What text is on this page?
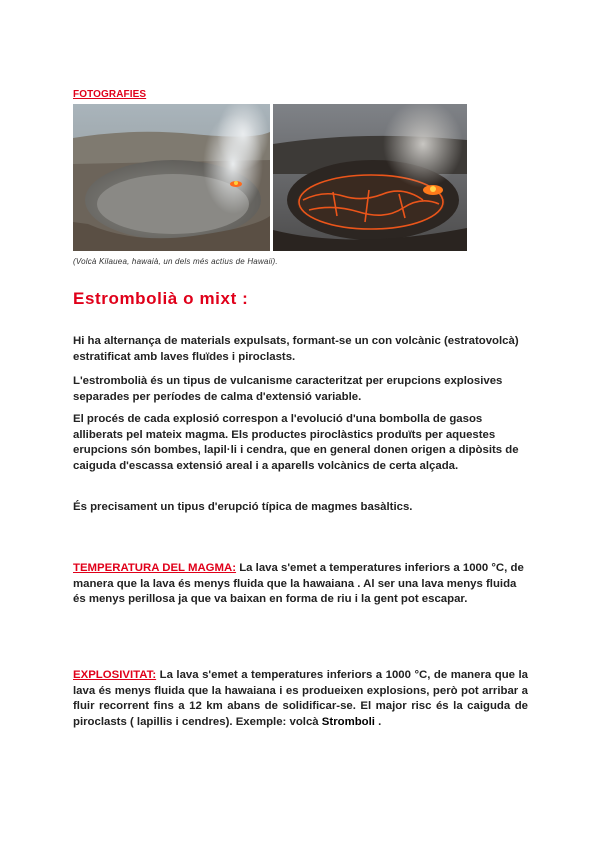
FOTOGRAFIES
(Volcà Kilauea, hawaià, un dels més actius de Hawaii).
Estrombolià o mixt :
Hi ha alternança de materials expulsats, formant-se un con volcànic (estratovolcà) estratificat amb laves fluïdes i piroclasts.
L'estrombolià és un tipus de vulcanisme caracteritzat per erupcions explosives separades per períodes de calma d'extensió variable.
El procés de cada explosió correspon a l'evolució d'una bombolla de gasos alliberats pel mateix magma. Els productes piroclàstics produïts per aquestes erupcions són bombes, lapil·li i cendra, que en general donen origen a dipòsits de caiguda d'escassa extensió areal i a aparells volcànics de certa alçada.
És precisament un tipus d'erupció típica de magmes basàltics.
TEMPERATURA DEL MAGMA: La lava s'emet a temperatures inferiors a 1000 °C, de manera que la lava és menys fluida que la hawaiana . Al ser una lava menys fluida és menys perillosa ja que va baixan en forma de riu i la gent pot escapar.
EXPLOSIVITAT: La lava s'emet a temperatures inferiors a 1000 °C, de manera que la lava és menys fluida que la hawaiana i es produeixen explosions, però pot arribar a fluir recorrent fins a 12 km abans de solidificar-se. El major risc és la caiguda de piroclasts ( lapillis i cendres). Exemple: volcà Stromboli .
